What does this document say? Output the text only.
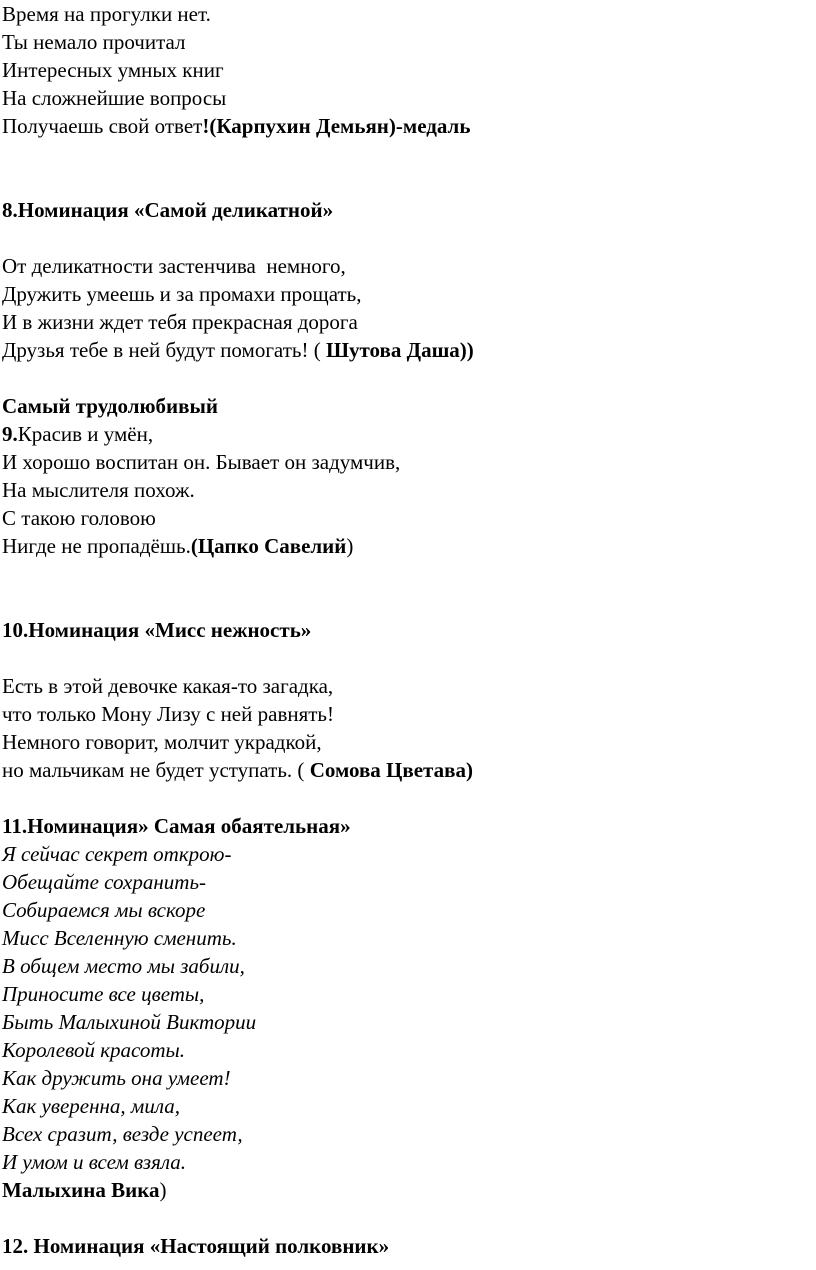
Время на прогулки нет.
Ты немало прочитал
Интересных умных книг
На сложнейшие вопросы
Получаешь свой ответ!(Карпухин Демьян)-медаль
8.Номинация «Самой деликатной»
От деликатности застенчива  немного,
Дружить умеешь и за промахи прощать,
И в жизни ждет тебя прекрасная дорога
Друзья тебе в ней будут помогать! ( Шутова Даша))
Самый трудолюбивый
9.Красив и умён,
И хорошо воспитан он. Бывает он задумчив,
На мыслителя похож.
С такою головою
Нигде не пропадёшь.(Цапко Савелий)
10.Номинация «Мисс нежность»
Есть в этой девочке какая-то загадка,
что только Мону Лизу с ней равнять!
Немного говорит, молчит украдкой,
но мальчикам не будет уступать. ( Сомова Цветава)
11.Номинация» Самая обаятельная»
Я сейчас секрет открою-
Обещайте сохранить-
Собираемся мы вскоре
Мисс Вселенную сменить.
В общем место мы забили,
Приносите все цветы,
Быть Малыхиной Виктории
Королевой красоты.
Как дружить она умеет!
Как уверенна, мила,
Всех сразит, везде успеет,
И умом и всем взяла.
Малыхина Вика)
12. Номинация «Настоящий полковник»
